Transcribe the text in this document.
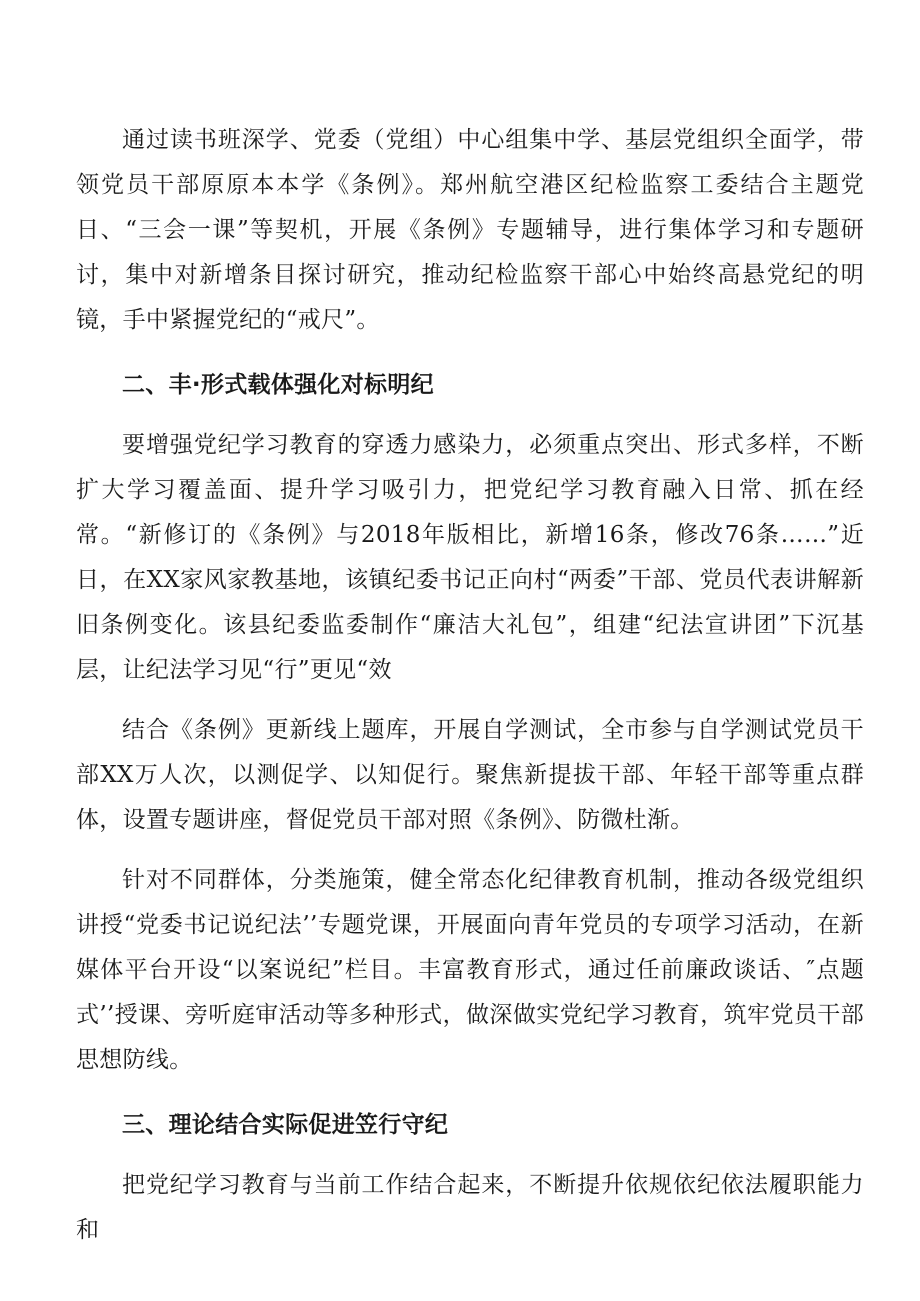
通过读书班深学、党委（党组）中心组集中学、基层党组织全面学，带领党员干部原原本本学《条例》。郑州航空港区纪检监察工委结合主题党日、“三会一课”等契机，开展《条例》专题辅导，进行集体学习和专题研讨，集中对新增条目探讨研究，推动纪检监察干部心中始终高悬党纪的明镜，手中紧握党纪的“戒尺”。

二、丰·形式载体强化对标明纪

要增强党纪学习教育的穿透力感染力，必须重点突出、形式多样，不断扩大学习覆盖面、提升学习吸引力，把党纪学习教育融入日常、抓在经常。“新修订的《条例》与2018年版相比，新增16条，修改76条……”近日，在XX家风家教基地，该镇纪委书记正向村“两委”干部、党员代表讲解新旧条例变化。该县纪委监委制作“廉洁大礼包”，组建“纪法宣讲团”下沉基层，让纪法学习见“行”更见“效

结合《条例》更新线上题库，开展自学测试，全市参与自学测试党员干部XX万人次，以测促学、以知促行。聚焦新提拔干部、年轻干部等重点群体，设置专题讲座，督促党员干部对照《条例》、防微杜渐。

针对不同群体，分类施策，健全常态化纪律教育机制，推动各级党组织讲授“党委书记说纪法’’专题党课，开展面向青年党员的专项学习活动，在新媒体平台开设“以案说纪”栏目。丰富教育形式，通过任前廉政谈话、″点题式’’授课、旁听庭审活动等多种形式，做深做实党纪学习教育，筑牢党员干部思想防线。

三、理论结合实际促进笠行守纪

把党纪学习教育与当前工作结合起来，不断提升依规依纪依法履职能力和
